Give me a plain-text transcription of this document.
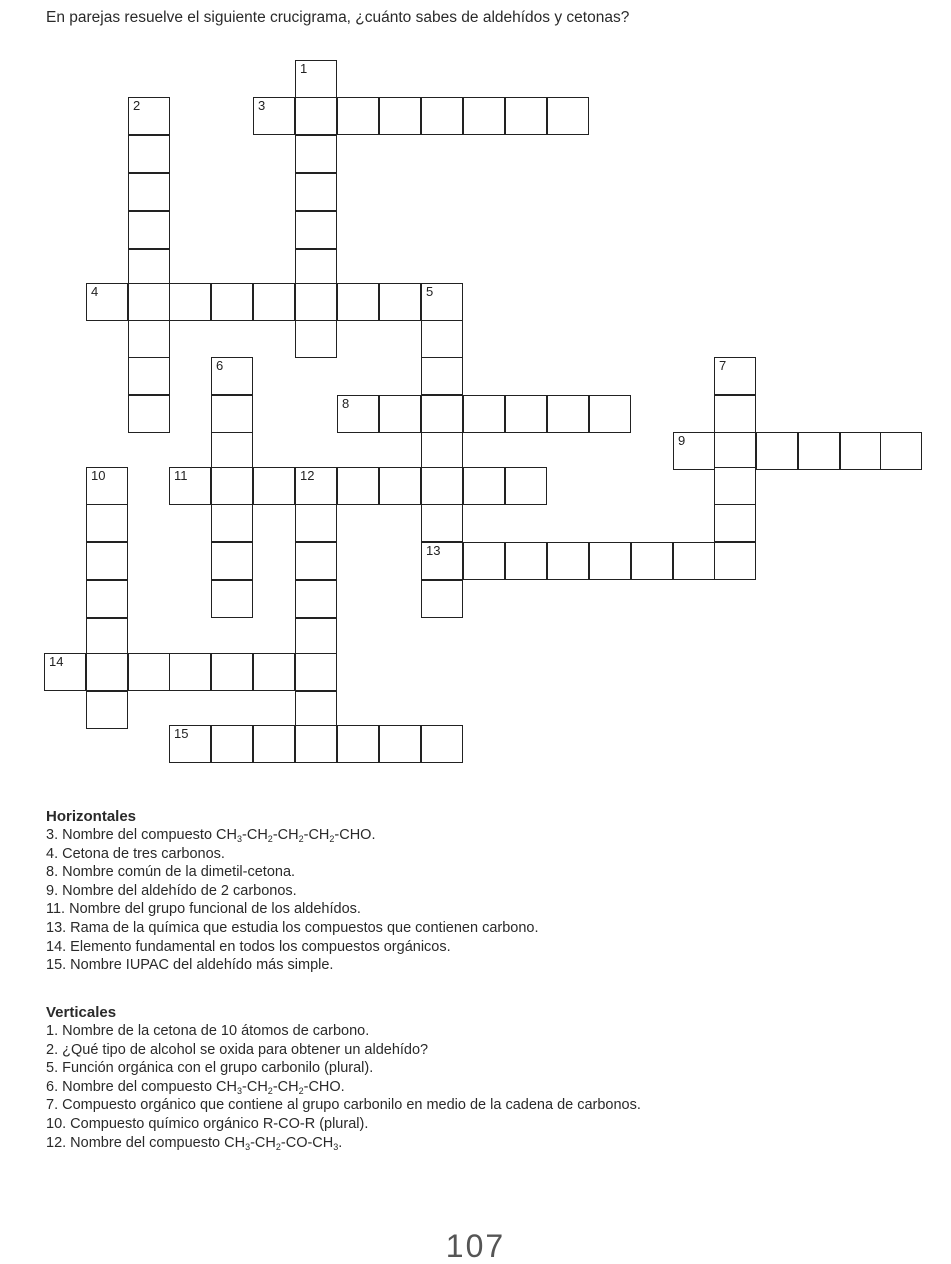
En parejas resuelve el siguiente crucigrama, ¿cuánto sabes de aldehídos y cetonas?

1
2	3
4	5
13
6	7
8
9
10	11	12
14
15
Horizontales
3. Nombre del compuesto $CH_3-CH_2-CH_2-CH_2$-CHO.
4. Cetona de tres carbonos.
8. Nombre común de la dimetil-cetona.
9. Nombre del aldehído de 2 carbonos.
11. Nombre del grupo funcional de los aldehídos.
13. Rama de la química que estudia los compuestos que contienen carbono.
14. Elemento fundamental en todos los compuestos orgánicos.
15. Nombre IUPAC del aldehído más simple.
Verticales
1. Nombre de la cetona de 10 átomos de carbono.
2. ¿Qué tipo de alcohol se oxida para obtener un aldehído?
5. Función orgánica con el grupo carbonilo (plural).
6. Nombre del compuesto $CH_3-CH_2-CH_2$-CHO.
7. Compuesto orgánico que contiene al grupo carbonilo en medio de la cadena de carbonos.
10. Compuesto químico orgánico R-CO-R (plural).
12. Nombre del compuesto $CH_3-CH_2-CO-CH_3$.
107
